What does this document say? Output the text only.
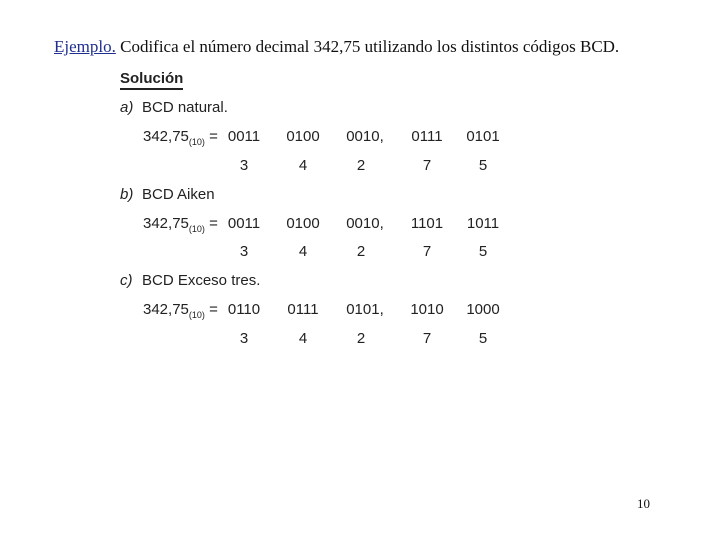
Ejemplo. Codifica el número decimal 342,75 utilizando los distintos códigos BCD.
Solución
a) BCD natural.
$342,75_{(10)} = 0011$	0100	0010,	0111	0101
3	4	2	7	5
b) BCD Aiken
$342,75_{(10)} = 0011$	0100	0010,	1101	1011
3	4	2	7	5
c) BCD Exceso tres.
$342,75_{(10)} = 0110$	0111	0101,	1010	1000
3	4	2	7	5
10
